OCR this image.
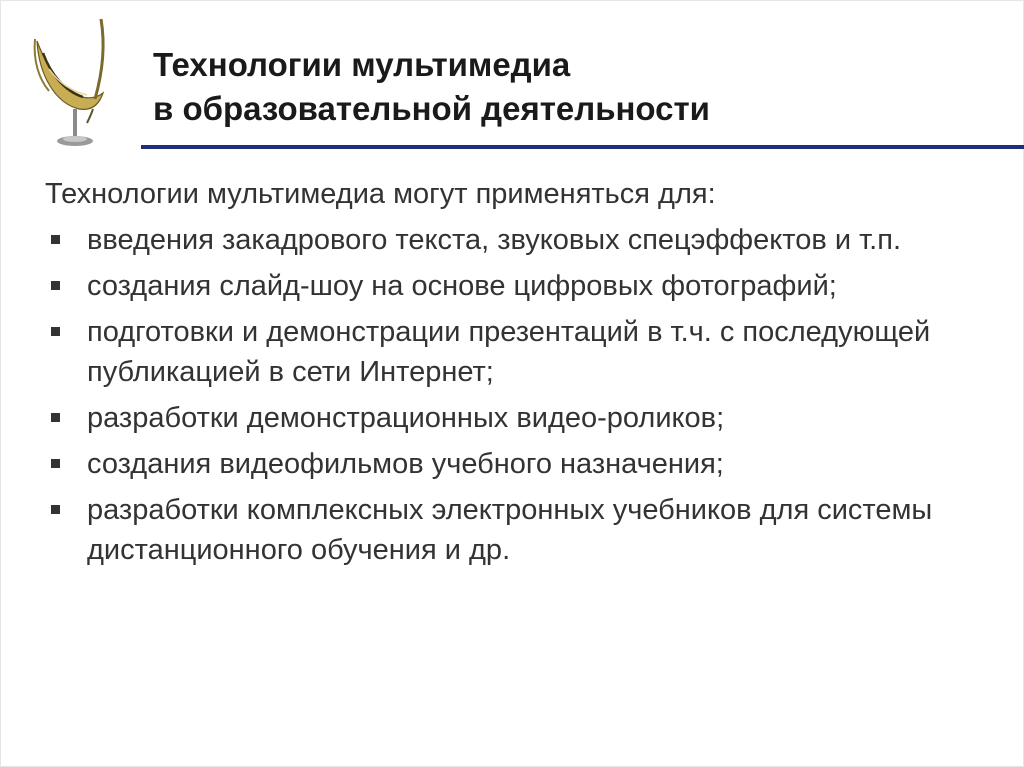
Технологии мультимедиа
в образовательной деятельности

Технологии мультимедиа могут применяться для:

введения закадрового текста, звуковых спецэффектов и т.п.
создания слайд-шоу на основе цифровых фотографий;
подготовки и демонстрации презентаций в т.ч. с последующей публикацией в сети Интернет;
разработки демонстрационных видео-роликов;
создания видеофильмов учебного назначения;
разработки комплексных электронных учебников для системы дистанционного обучения и др.
